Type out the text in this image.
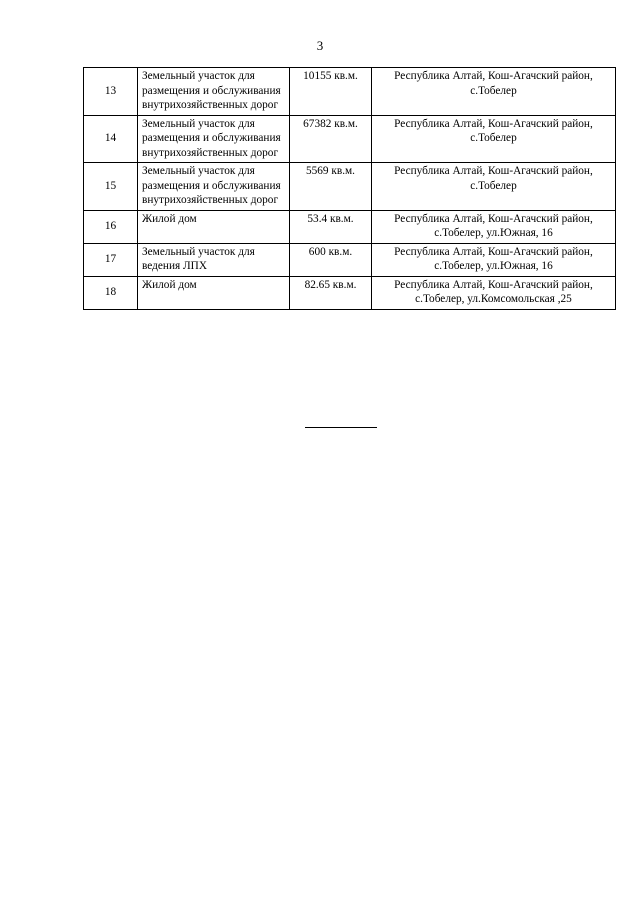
3
13	Земельный участок для размещения и обслуживания внутрихозяйственных дорог	10155 кв.м.	Республика Алтай, Кош-Агачский район, с.Тобелер
14	Земельный участок для размещения и обслуживания внутрихозяйственных дорог	67382 кв.м.	Республика Алтай, Кош-Агачский район, с.Тобелер
15	Земельный участок для размещения и обслуживания внутрихозяйственных дорог	5569 кв.м.	Республика Алтай, Кош-Агачский район, с.Тобелер
16	Жилой дом	53.4 кв.м.	Республика Алтай, Кош-Агачский район, с.Тобелер, ул.Южная, 16
17	Земельный участок для ведения ЛПХ	600 кв.м.	Республика Алтай, Кош-Агачский район, с.Тобелер, ул.Южная, 16
18	Жилой дом	82.65 кв.м.	Республика Алтай, Кош-Агачский район, с.Тобелер, ул.Комсомольская ,25
